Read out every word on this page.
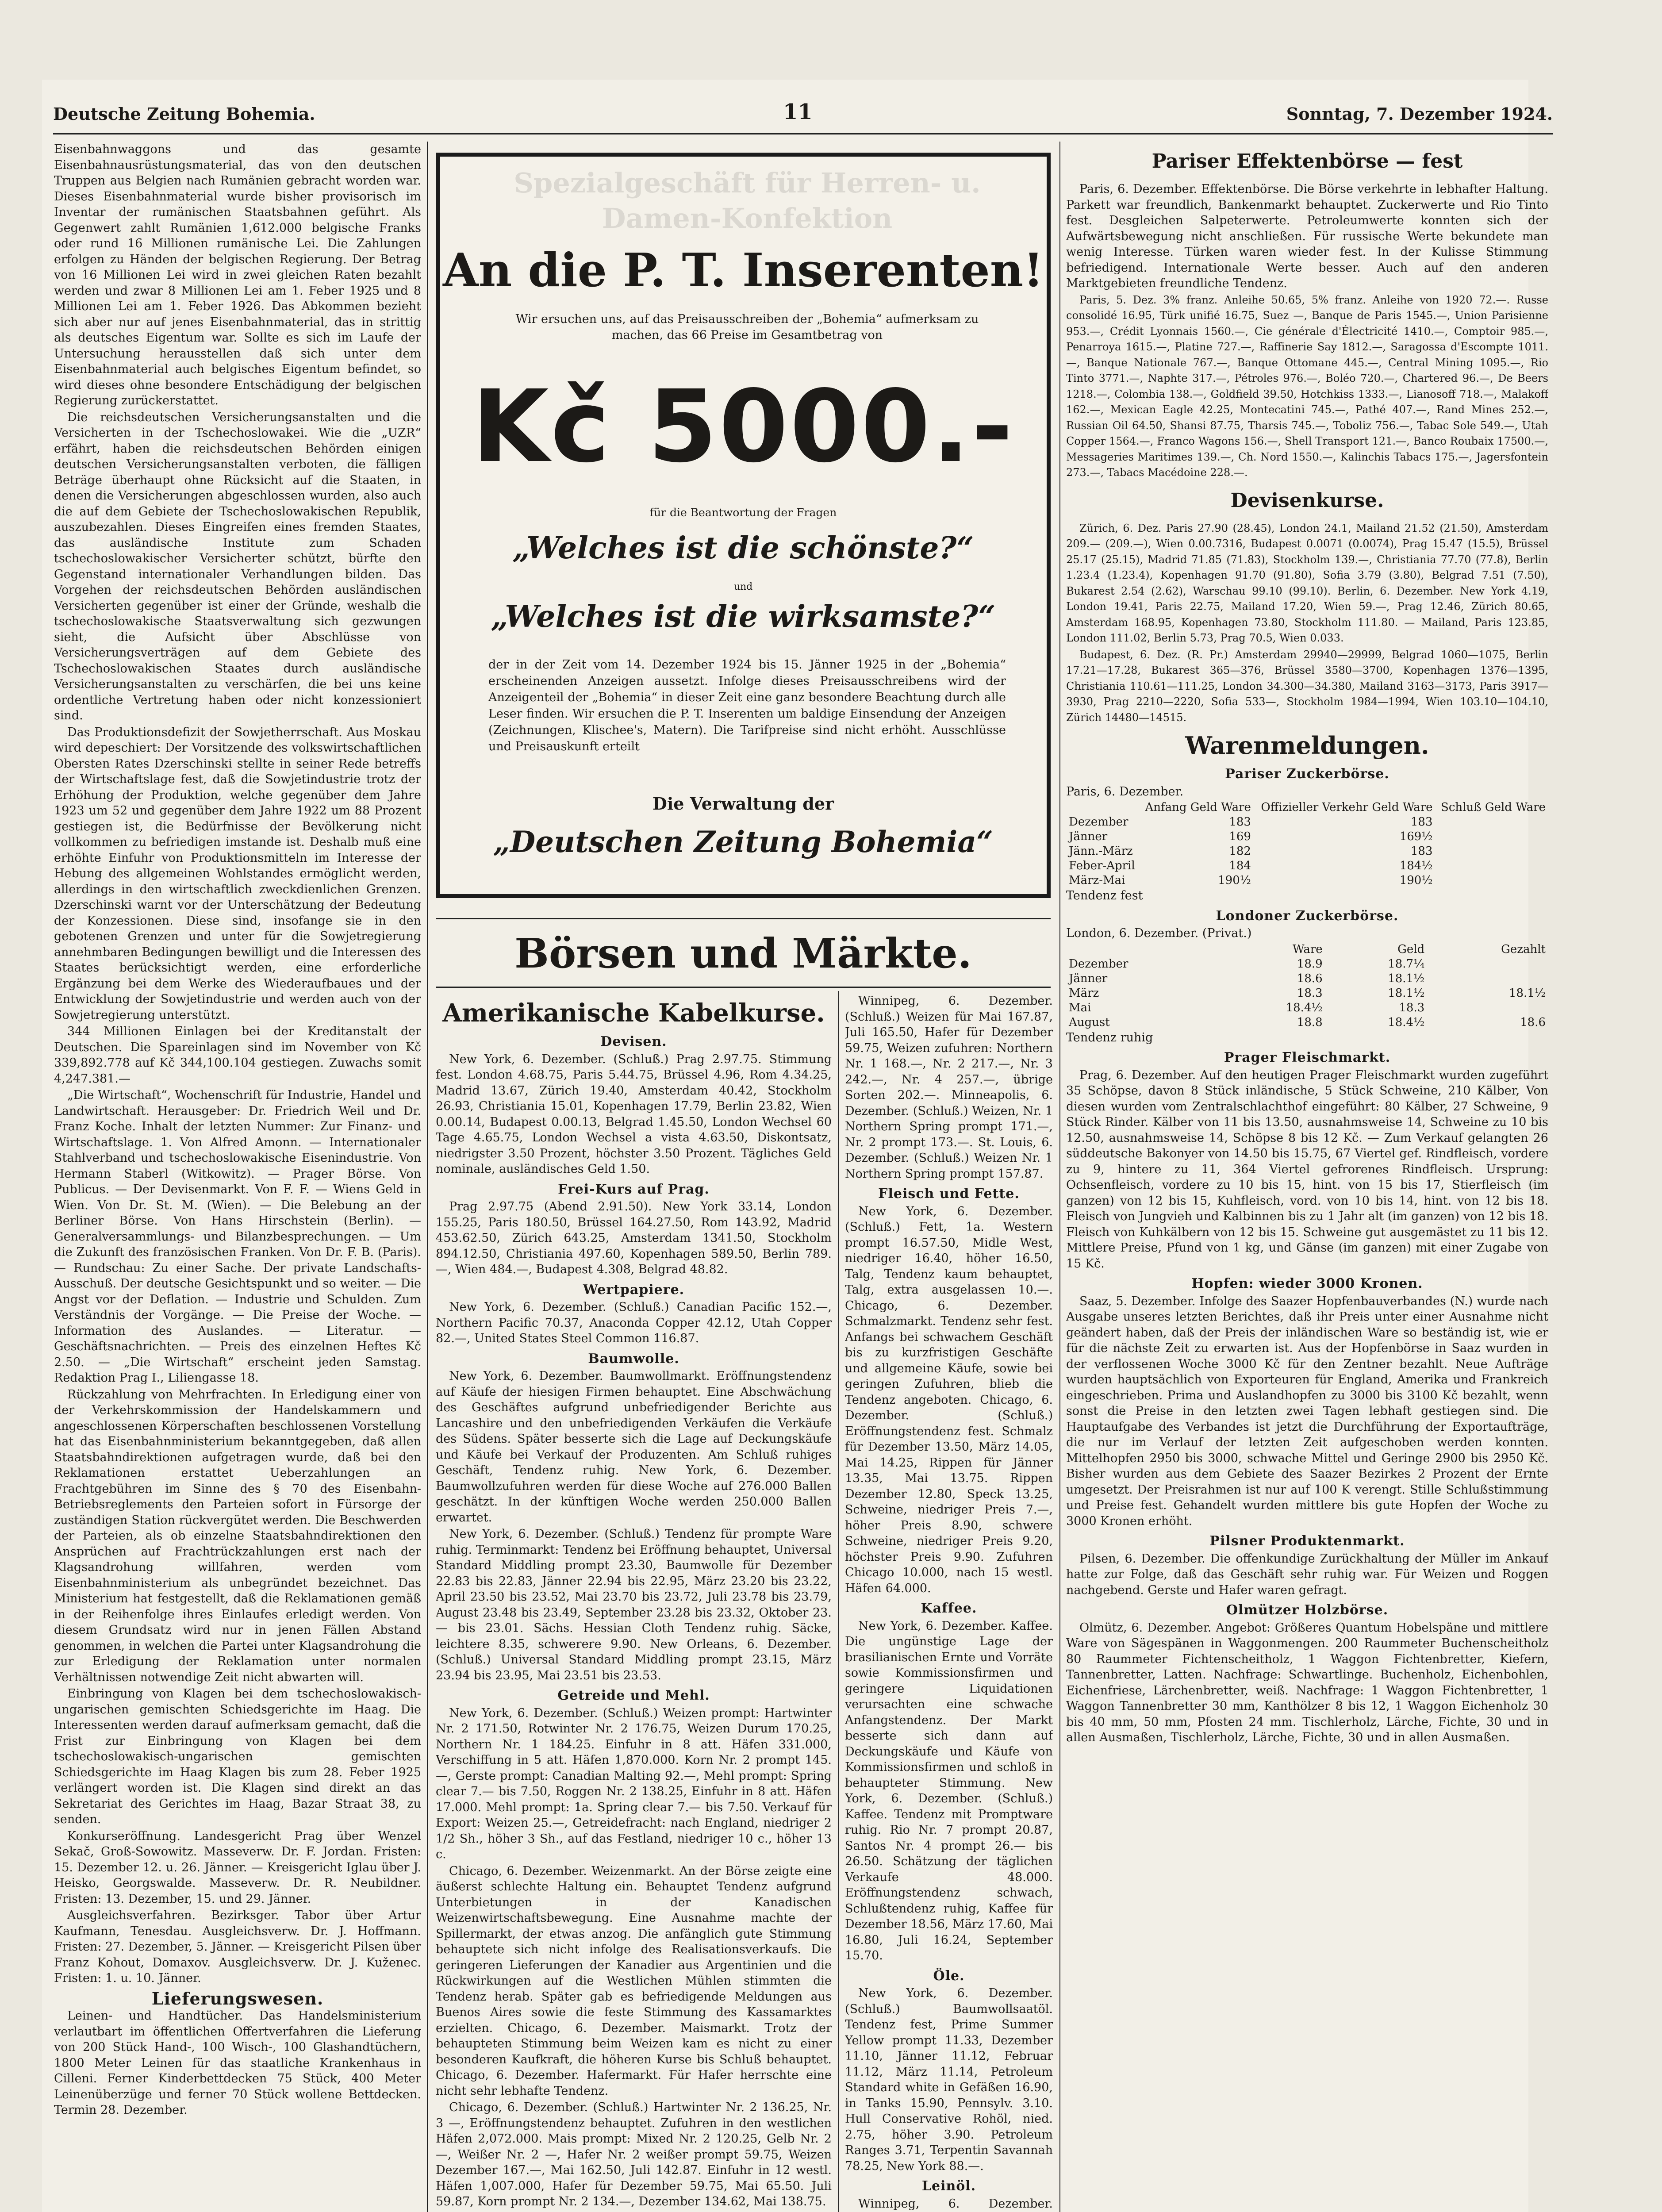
Deutsche Zeitung Bohemia.	11	Sonntag, 7. Dezember 1924.

Eisenbahnwaggons und das gesamte Eisenbahnausrüstungsmaterial, das von den deutschen Truppen aus Belgien nach Rumänien gebracht worden war. Dieses Eisenbahnmaterial wurde bisher provisorisch im Inventar der rumänischen Staatsbahnen geführt. Als Gegenwert zahlt Rumänien 1,612.000 belgische Franks oder rund 16 Millionen rumänische Lei. Die Zahlungen erfolgen zu Händen der belgischen Regierung. Der Betrag von 16 Millionen Lei wird in zwei gleichen Raten bezahlt werden und zwar 8 Millionen Lei am 1. Feber 1925 und 8 Millionen Lei am 1. Feber 1926. Das Abkommen bezieht sich aber nur auf jenes Eisenbahnmaterial, das in strittig als deutsches Eigentum war. Sollte es sich im Laufe der Untersuchung herausstellen daß sich unter dem Eisenbahnmaterial auch belgisches Eigentum befindet, so wird dieses ohne besondere Entschädigung der belgischen Regierung zurückerstattet.

Die reichsdeutschen Versicherungsanstalten und die Versicherten in der Tschechoslowakei. Wie die „UZR“ erfährt, haben die reichsdeutschen Behörden einigen deutschen Versicherungsanstalten verboten, die fälligen Beträge überhaupt ohne Rücksicht auf die Staaten, in denen die Versicherungen abgeschlossen wurden, also auch die auf dem Gebiete der Tschechoslowakischen Republik, auszubezahlen. Dieses Eingreifen eines fremden Staates, das ausländische Institute zum Schaden tschechoslowakischer Versicherter schützt, bürfte den Gegenstand internationaler Verhandlungen bilden. Das Vorgehen der reichsdeutschen Behörden ausländischen Versicherten gegenüber ist einer der Gründe, weshalb die tschechoslowakische Staatsverwaltung sich gezwungen sieht, die Aufsicht über Abschlüsse von Versicherungsverträgen auf dem Gebiete des Tschechoslowakischen Staates durch ausländische Versicherungsanstalten zu verschärfen, die bei uns keine ordentliche Vertretung haben oder nicht konzessioniert sind.

Das Produktionsdefizit der Sowjetherrschaft. Aus Moskau wird depeschiert: Der Vorsitzende des volkswirtschaftlichen Obersten Rates Dzerschinski stellte in seiner Rede betreffs der Wirtschaftslage fest, daß die Sowjetindustrie trotz der Erhöhung der Produktion, welche gegenüber dem Jahre 1923 um 52 und gegenüber dem Jahre 1922 um 88 Prozent gestiegen ist, die Bedürfnisse der Bevölkerung nicht vollkommen zu befriedigen imstande ist. Deshalb muß eine erhöhte Einfuhr von Produktionsmitteln im Interesse der Hebung des allgemeinen Wohlstandes ermöglicht werden, allerdings in den wirtschaftlich zweckdienlichen Grenzen. Dzerschinski warnt vor der Unterschätzung der Bedeutung der Konzessionen. Diese sind, insofange sie in den gebotenen Grenzen und unter für die Sowjetregierung annehmbaren Bedingungen bewilligt und die Interessen des Staates berücksichtigt werden, eine erforderliche Ergänzung bei dem Werke des Wiederaufbaues und der Entwicklung der Sowjetindustrie und werden auch von der Sowjetregierung unterstützt.

344 Millionen Einlagen bei der Kreditanstalt der Deutschen. Die Spareinlagen sind im November von Kč 339,892.778 auf Kč 344,100.104 gestiegen. Zuwachs somit 4,247.381.—

„Die Wirtschaft“, Wochenschrift für Industrie, Handel und Landwirtschaft. Herausgeber: Dr. Friedrich Weil und Dr. Franz Koche. Inhalt der letzten Nummer: Zur Finanz- und Wirtschaftslage. 1. Von Alfred Amonn. — Internationaler Stahlverband und tschechoslowakische Eisenindustrie. Von Hermann Staberl (Witkowitz). — Prager Börse. Von Publicus. — Der Devisenmarkt. Von F. F. — Wiens Geld in Wien. Von Dr. St. M. (Wien). — Die Belebung an der Berliner Börse. Von Hans Hirschstein (Berlin). — Generalversammlungs- und Bilanzbesprechungen. — Um die Zukunft des französischen Franken. Von Dr. F. B. (Paris). — Rundschau: Zu einer Sache. Der private Landschafts-Ausschuß. Der deutsche Gesichtspunkt und so weiter. — Die Angst vor der Deflation. — Industrie und Schulden. Zum Verständnis der Vorgänge. — Die Preise der Woche. — Information des Auslandes. — Literatur. — Geschäftsnachrichten. — Preis des einzelnen Heftes Kč 2.50. — „Die Wirtschaft“ erscheint jeden Samstag. Redaktion Prag I., Liliengasse 18.

Rückzahlung von Mehrfrachten. In Erledigung einer von der Verkehrskommission der Handelskammern und angeschlossenen Körperschaften beschlossenen Vorstellung hat das Eisenbahnministerium bekanntgegeben, daß allen Staatsbahndirektionen aufgetragen wurde, daß bei den Reklamationen erstattet Ueberzahlungen an Frachtgebühren im Sinne des § 70 des Eisenbahn-Betriebsreglements den Parteien sofort in Fürsorge der zuständigen Station rückvergütet werden. Die Beschwerden der Parteien, als ob einzelne Staatsbahndirektionen den Ansprüchen auf Frachtrückzahlungen erst nach der Klagsandrohung willfahren, werden vom Eisenbahnministerium als unbegründet bezeichnet. Das Ministerium hat festgestellt, daß die Reklamationen gemäß in der Reihenfolge ihres Einlaufes erledigt werden. Von diesem Grundsatz wird nur in jenen Fällen Abstand genommen, in welchen die Partei unter Klagsandrohung die zur Erledigung der Reklamation unter normalen Verhältnissen notwendige Zeit nicht abwarten will.

Einbringung von Klagen bei dem tschechoslowakisch-ungarischen gemischten Schiedsgerichte im Haag. Die Interessenten werden darauf aufmerksam gemacht, daß die Frist zur Einbringung von Klagen bei dem tschechoslowakisch-ungarischen gemischten Schiedsgerichte im Haag Klagen bis zum 28. Feber 1925 verlängert worden ist. Die Klagen sind direkt an das Sekretariat des Gerichtes im Haag, Bazar Straat 38, zu senden.

Konkurseröffnung. Landesgericht Prag über Wenzel Sekač, Groß-Sowowitz. Masseverw. Dr. F. Jordan. Fristen: 15. Dezember 12. u. 26. Jänner. — Kreisgericht Iglau über J. Heisko, Georgswalde. Masseverw. Dr. R. Neubildner. Fristen: 13. Dezember, 15. und 29. Jänner.

Ausgleichsverfahren. Bezirksger. Tabor über Artur Kaufmann, Tenesdau. Ausgleichsverw. Dr. J. Hoffmann. Fristen: 27. Dezember, 5. Jänner. — Kreisgericht Pilsen über Franz Kohout, Domaxov. Ausgleichsverw. Dr. J. Kuženec. Fristen: 1. u. 10. Jänner.

Lieferungswesen.

Leinen- und Handtücher. Das Handelsministerium verlautbart im öffentlichen Offertverfahren die Lieferung von 200 Stück Hand-, 100 Wisch-, 100 Glashandtüchern, 1800 Meter Leinen für das staatliche Krankenhaus in Cilleni. Ferner Kinderbettdecken 75 Stück, 400 Meter Leinenüberzüge und ferner 70 Stück wollene Bettdecken. Termin 28. Dezember.

Spezialgeschäft für Herren- u. Damen-Konfektion
An die P. T. Inserenten!
Wir ersuchen uns, auf das Preisausschreiben der „Bohemia“ aufmerksam zu machen, das 66 Preise im Gesamtbetrag von
Kč 5000.-
für die Beantwortung der Fragen
„Welches ist die schönste?“
und
„Welches ist die wirksamste?“
der in der Zeit vom 14. Dezember 1924 bis 15. Jänner 1925 in der „Bohemia“ erscheinenden Anzeigen aussetzt. Infolge dieses Preisausschreibens wird der Anzeigenteil der „Bohemia“ in dieser Zeit eine ganz besondere Beachtung durch alle Leser finden. Wir ersuchen die P. T. Inserenten um baldige Einsendung der Anzeigen (Zeichnungen, Klischee's, Matern). Die Tarifpreise sind nicht erhöht. Ausschlüsse und Preisauskunft erteilt
Die Verwaltung der
„Deutschen Zeitung Bohemia“
Börsen und Märkte.
Amerikanische Kabelkurse.
Devisen.

New York, 6. Dezember. (Schluß.) Prag 2.97.75. Stimmung fest. London 4.68.75, Paris 5.44.75, Brüssel 4.96, Rom 4.34.25, Madrid 13.67, Zürich 19.40, Amsterdam 40.42, Stockholm 26.93, Christiania 15.01, Kopenhagen 17.79, Berlin 23.82, Wien 0.00.14, Budapest 0.00.13, Belgrad 1.45.50, London Wechsel 60 Tage 4.65.75, London Wechsel a vista 4.63.50, Diskontsatz, niedrigster 3.50 Prozent, höchster 3.50 Prozent. Tägliches Geld nominale, ausländisches Geld 1.50.

Frei-Kurs auf Prag.

Prag 2.97.75 (Abend 2.91.50). New York 33.14, London 155.25, Paris 180.50, Brüssel 164.27.50, Rom 143.92, Madrid 453.62.50, Zürich 643.25, Amsterdam 1341.50, Stockholm 894.12.50, Christiania 497.60, Kopenhagen 589.50, Berlin 789.—, Wien 484.—, Budapest 4.308, Belgrad 48.82.

Wertpapiere.

New York, 6. Dezember. (Schluß.) Canadian Pacific 152.—, Northern Pacific 70.37, Anaconda Copper 42.12, Utah Copper 82.—, United States Steel Common 116.87.

Baumwolle.

New York, 6. Dezember. Baumwollmarkt. Eröffnungstendenz auf Käufe der hiesigen Firmen behauptet. Eine Abschwächung des Geschäftes aufgrund unbefriedigender Berichte aus Lancashire und den unbefriedigenden Verkäufen die Verkäufe des Südens. Später besserte sich die Lage auf Deckungskäufe und Käufe bei Verkauf der Produzenten. Am Schluß ruhiges Geschäft, Tendenz ruhig. New York, 6. Dezember. Baumwollzufuhren werden für diese Woche auf 276.000 Ballen geschätzt. In der künftigen Woche werden 250.000 Ballen erwartet.

New York, 6. Dezember. (Schluß.) Tendenz für prompte Ware ruhig. Terminmarkt: Tendenz bei Eröffnung behauptet, Universal Standard Middling prompt 23.30, Baumwolle für Dezember 22.83 bis 22.83, Jänner 22.94 bis 22.95, März 23.20 bis 23.22, April 23.50 bis 23.52, Mai 23.70 bis 23.72, Juli 23.78 bis 23.79, August 23.48 bis 23.49, September 23.28 bis 23.32, Oktober 23.— bis 23.01. Sächs. Hessian Cloth Tendenz ruhig. Säcke, leichtere 8.35, schwerere 9.90. New Orleans, 6. Dezember. (Schluß.) Universal Standard Middling prompt 23.15, März 23.94 bis 23.95, Mai 23.51 bis 23.53.

Getreide und Mehl.

New York, 6. Dezember. (Schluß.) Weizen prompt: Hartwinter Nr. 2 171.50, Rotwinter Nr. 2 176.75, Weizen Durum 170.25, Northern Nr. 1 184.25. Einfuhr in 8 att. Häfen 331.000, Verschiffung in 5 att. Häfen 1,870.000. Korn Nr. 2 prompt 145.—, Gerste prompt: Canadian Malting 92.—, Mehl prompt: Spring clear 7.— bis 7.50, Roggen Nr. 2 138.25, Einfuhr in 8 att. Häfen 17.000. Mehl prompt: 1a. Spring clear 7.— bis 7.50. Verkauf für Export: Weizen 25.—, Getreidefracht: nach England, niedriger 2 1/2 Sh., höher 3 Sh., auf das Festland, niedriger 10 c., höher 13 c.

Chicago, 6. Dezember. Weizenmarkt. An der Börse zeigte eine äußerst schlechte Haltung ein. Behauptet Tendenz aufgrund Unterbietungen in der Kanadischen Weizenwirtschaftsbewegung. Eine Ausnahme machte der Spillermarkt, der etwas anzog. Die anfänglich gute Stimmung behauptete sich nicht infolge des Realisationsverkaufs. Die geringeren Lieferungen der Kanadier aus Argentinien und die Rückwirkungen auf die Westlichen Mühlen stimmten die Tendenz herab. Später gab es befriedigende Meldungen aus Buenos Aires sowie die feste Stimmung des Kassamarktes erzielten. Chicago, 6. Dezember. Maismarkt. Trotz der behaupteten Stimmung beim Weizen kam es nicht zu einer besonderen Kaufkraft, die höheren Kurse bis Schluß behauptet. Chicago, 6. Dezember. Hafermarkt. Für Hafer herrschte eine nicht sehr lebhafte Tendenz.

Chicago, 6. Dezember. (Schluß.) Hartwinter Nr. 2 136.25, Nr. 3 —, Eröffnungstendenz behauptet. Zufuhren in den westlichen Häfen 2,072.000. Mais prompt: Mixed Nr. 2 120.25, Gelb Nr. 2 —, Weißer Nr. 2 —, Hafer Nr. 2 weißer prompt 59.75, Weizen Dezember 167.—, Mai 162.50, Juli 142.87. Einfuhr in 12 westl. Häfen 1,007.000, Hafer für Dezember 59.75, Mai 65.50. Juli 59.87, Korn prompt Nr. 2 134.—, Dezember 134.62, Mai 138.75.

Winnipeg, 6. Dezember. (Schluß.) Weizen für Mai 167.87, Juli 165.50, Hafer für Dezember 59.75, Weizen zufuhren: Northern Nr. 1 168.—, Nr. 2 217.—, Nr. 3 242.—, Nr. 4 257.—, übrige Sorten 202.—. Minneapolis, 6. Dezember. (Schluß.) Weizen, Nr. 1 Northern Spring prompt 171.—, Nr. 2 prompt 173.—. St. Louis, 6. Dezember. (Schluß.) Weizen Nr. 1 Northern Spring prompt 157.87.

Fleisch und Fette.

New York, 6. Dezember. (Schluß.) Fett, 1a. Western prompt 16.57.50, Midle West, niedriger 16.40, höher 16.50, Talg, Tendenz kaum behauptet, Talg, extra ausgelassen 10.—. Chicago, 6. Dezember. Schmalzmarkt. Tendenz sehr fest. Anfangs bei schwachem Geschäft bis zu kurzfristigen Geschäfte und allgemeine Käufe, sowie bei geringen Zufuhren, blieb die Tendenz angeboten. Chicago, 6. Dezember. (Schluß.) Eröffnungstendenz fest. Schmalz für Dezember 13.50, März 14.05, Mai 14.25, Rippen für Jänner 13.35, Mai 13.75. Rippen Dezember 12.80, Speck 13.25, Schweine, niedriger Preis 7.—, höher Preis 8.90, schwere Schweine, niedriger Preis 9.20, höchster Preis 9.90. Zufuhren Chicago 10.000, nach 15 westl. Häfen 64.000.

Kaffee.

New York, 6. Dezember. Kaffee. Die ungünstige Lage der brasilianischen Ernte und Vorräte sowie Kommissionsfirmen und geringere Liquidationen verursachten eine schwache Anfangstendenz. Der Markt besserte sich dann auf Deckungskäufe und Käufe von Kommissionsfirmen und schloß in behaupteter Stimmung. New York, 6. Dezember. (Schluß.) Kaffee. Tendenz mit Promptware ruhig. Rio Nr. 7 prompt 20.87, Santos Nr. 4 prompt 26.— bis 26.50. Schätzung der täglichen Verkaufe 48.000. Eröffnungstendenz schwach, Schlußtendenz ruhig, Kaffee für Dezember 18.56, März 17.60, Mai 16.80, Juli 16.24, September 15.70.

Öle.

New York, 6. Dezember. (Schluß.) Baumwollsaatöl. Tendenz fest, Prime Summer Yellow prompt 11.33, Dezember 11.10, Jänner 11.12, Februar 11.12, März 11.14, Petroleum Standard white in Gefäßen 16.90, in Tanks 15.90, Pennsylv. 3.10. Hull Conservative Rohöl, nied. 2.75, höher 3.90. Petroleum Ranges 3.71, Terpentin Savannah 78.25, New York 88.—.

Leinöl.

Winnipeg, 6. Dezember.

Pariser Effektenbörse — fest

Paris, 6. Dezember. Effektenbörse. Die Börse verkehrte in lebhafter Haltung. Parkett war freundlich, Bankenmarkt behauptet. Zuckerwerte und Rio Tinto fest. Desgleichen Salpeterwerte. Petroleumwerte konnten sich der Aufwärtsbewegung nicht anschließen. Für russische Werte bekundete man wenig Interesse. Türken waren wieder fest. In der Kulisse Stimmung befriedigend. Internationale Werte besser. Auch auf den anderen Marktgebieten freundliche Tendenz.

Paris, 5. Dez. 3% franz. Anleihe 50.65, 5% franz. Anleihe von 1920 72.—. Russe consolidé 16.95, Türk unifié 16.75, Suez —, Banque de Paris 1545.—, Union Parisienne 953.—, Crédit Lyonnais 1560.—, Cie générale d'Électricité 1410.—, Comptoir 985.—, Penarroya 1615.—, Platine 727.—, Raffinerie Say 1812.—, Saragossa d'Escompte 1011.—, Banque Nationale 767.—, Banque Ottomane 445.—, Central Mining 1095.—, Rio Tinto 3771.—, Naphte 317.—, Pétroles 976.—, Boléo 720.—, Chartered 96.—, De Beers 1218.—, Colombia 138.—, Goldfield 39.50, Hotchkiss 1333.—, Lianosoff 718.—, Malakoff 162.—, Mexican Eagle 42.25, Montecatini 745.—, Pathé 407.—, Rand Mines 252.—, Russian Oil 64.50, Shansi 87.75, Tharsis 745.—, Toboliz 756.—, Tabac Sole 549.—, Utah Copper 1564.—, Franco Wagons 156.—, Shell Transport 121.—, Banco Roubaix 17500.—, Messageries Maritimes 139.—, Ch. Nord 1550.—, Kalinchis Tabacs 175.—, Jagersfontein 273.—, Tabacs Macédoine 228.—.

Devisenkurse.

Zürich, 6. Dez. Paris 27.90 (28.45), London 24.1, Mailand 21.52 (21.50), Amsterdam 209.— (209.—), Wien 0.00.7316, Budapest 0.0071 (0.0074), Prag 15.47 (15.5), Brüssel 25.17 (25.15), Madrid 71.85 (71.83), Stockholm 139.—, Christiania 77.70 (77.8), Berlin 1.23.4 (1.23.4), Kopenhagen 91.70 (91.80), Sofia 3.79 (3.80), Belgrad 7.51 (7.50), Bukarest 2.54 (2.62), Warschau 99.10 (99.10). Berlin, 6. Dezember. New York 4.19, London 19.41, Paris 22.75, Mailand 17.20, Wien 59.—, Prag 12.46, Zürich 80.65, Amsterdam 168.95, Kopenhagen 73.80, Stockholm 111.80. — Mailand, Paris 123.85, London 111.02, Berlin 5.73, Prag 70.5, Wien 0.033.

Budapest, 6. Dez. (R. Pr.) Amsterdam 29940—29999, Belgrad 1060—1075, Berlin 17.21—17.28, Bukarest 365—376, Brüssel 3580—3700, Kopenhagen 1376—1395, Christiania 110.61—111.25, London 34.300—34.380, Mailand 3163—3173, Paris 3917—3930, Prag 2210—2220, Sofia 533—, Stockholm 1984—1994, Wien 103.10—104.10, Zürich 14480—14515.

Warenmeldungen.
Pariser Zuckerbörse.

Paris, 6. Dezember.

	Anfang Geld Ware	Offizieller Verkehr Geld Ware	Schluß Geld Ware
Dezember	183	183	
Jänner	169	169½	
Jänn.-März	182	183	
Feber-April	184	184½	
März-Mai	190½	190½	

Tendenz fest

Londoner Zuckerbörse.

London, 6. Dezember. (Privat.)

	Ware	Geld	Gezahlt
Dezember	18.9	18.7¼	
Jänner	18.6	18.1½	
März	18.3	18.1½	18.1½
Mai	18.4½	18.3	
August	18.8	18.4½	18.6

Tendenz ruhig

Prager Fleischmarkt.

Prag, 6. Dezember. Auf den heutigen Prager Fleischmarkt wurden zugeführt 35 Schöpse, davon 8 Stück inländische, 5 Stück Schweine, 210 Kälber, Von diesen wurden vom Zentralschlachthof eingeführt: 80 Kälber, 27 Schweine, 9 Stück Rinder. Kälber von 11 bis 13.50, ausnahmsweise 14, Schweine zu 10 bis 12.50, ausnahmsweise 14, Schöpse 8 bis 12 Kč. — Zum Verkauf gelangten 26 süddeutsche Bakonyer von 14.50 bis 15.75, 67 Viertel gef. Rindfleisch, vordere zu 9, hintere zu 11, 364 Viertel gefrorenes Rindfleisch. Ursprung: Ochsenfleisch, vordere zu 10 bis 15, hint. von 15 bis 17, Stierfleisch (im ganzen) von 12 bis 15, Kuhfleisch, vord. von 10 bis 14, hint. von 12 bis 18. Fleisch von Jungvieh und Kalbinnen bis zu 1 Jahr alt (im ganzen) von 12 bis 18. Fleisch von Kuhkälbern von 12 bis 15. Schweine gut ausgemästet zu 11 bis 12. Mittlere Preise, Pfund von 1 kg, und Gänse (im ganzen) mit einer Zugabe von 15 Kč.

Hopfen: wieder 3000 Kronen.

Saaz, 5. Dezember. Infolge des Saazer Hopfenbauverbandes (N.) wurde nach Ausgabe unseres letzten Berichtes, daß ihr Preis unter einer Ausnahme nicht geändert haben, daß der Preis der inländischen Ware so beständig ist, wie er für die nächste Zeit zu erwarten ist. Aus der Hopfenbörse in Saaz wurden in der verflossenen Woche 3000 Kč für den Zentner bezahlt. Neue Aufträge wurden hauptsächlich von Exporteuren für England, Amerika und Frankreich eingeschrieben. Prima und Auslandhopfen zu 3000 bis 3100 Kč bezahlt, wenn sonst die Preise in den letzten zwei Tagen lebhaft gestiegen sind. Die Hauptaufgabe des Verbandes ist jetzt die Durchführung der Exportaufträge, die nur im Verlauf der letzten Zeit aufgeschoben werden konnten. Mittelhopfen 2950 bis 3000, schwache Mittel und Geringe 2900 bis 2950 Kč. Bisher wurden aus dem Gebiete des Saazer Bezirkes 2 Prozent der Ernte umgesetzt. Der Preisrahmen ist nur auf 100 K verengt. Stille Schlußstimmung und Preise fest. Gehandelt wurden mittlere bis gute Hopfen der Woche zu 3000 Kronen erhöht.

Pilsner Produktenmarkt.

Pilsen, 6. Dezember. Die offenkundige Zurückhaltung der Müller im Ankauf hatte zur Folge, daß das Geschäft sehr ruhig war. Für Weizen und Roggen nachgebend. Gerste und Hafer waren gefragt.

Olmützer Holzbörse.

Olmütz, 6. Dezember. Angebot: Größeres Quantum Hobelspäne und mittlere Ware von Sägespänen in Waggonmengen. 200 Raummeter Buchenscheitholz 80 Raummeter Fichtenscheitholz, 1 Waggon Fichtenbretter, Kiefern, Tannenbretter, Latten. Nachfrage: Schwartlinge. Buchenholz, Eichenbohlen, Eichenfriese, Lärchenbretter, weiß. Nachfrage: 1 Waggon Fichtenbretter, 1 Waggon Tannenbretter 30 mm, Kanthölzer 8 bis 12, 1 Waggon Eichenholz 30 bis 40 mm, 50 mm, Pfosten 24 mm. Tischlerholz, Lärche, Fichte, 30 und in allen Ausmaßen, Tischlerholz, Lärche, Fichte, 30 und in allen Ausmaßen.
